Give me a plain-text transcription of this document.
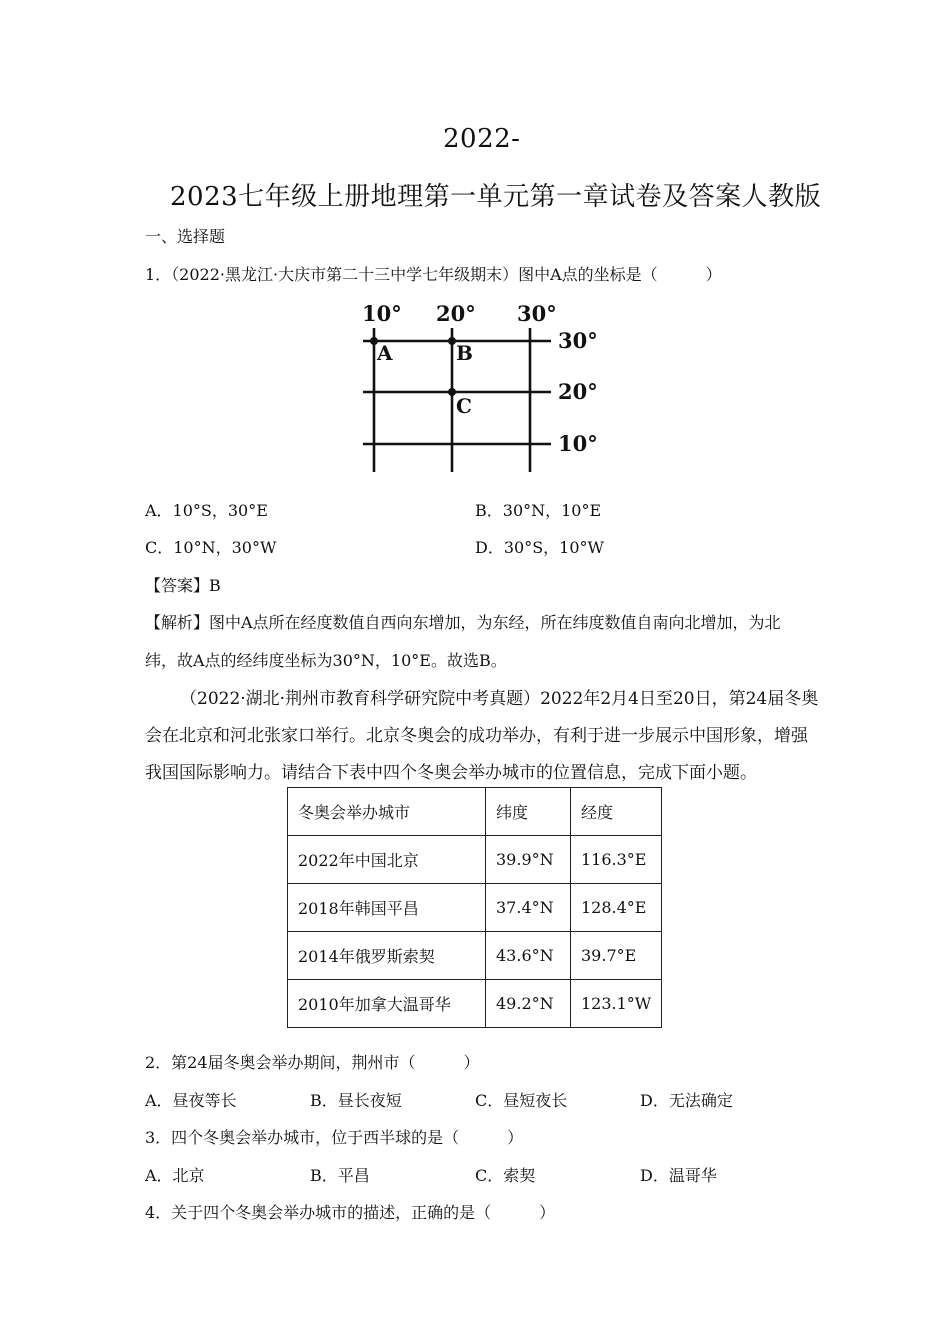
2022-
2023七年级上册地理第一单元第一章试卷及答案人教版
一、选择题
1．（2022·黑龙江·大庆市第二十三中学七年级期末）图中A点的坐标是（　　　）
10° 20° 30°
30°
20°
10°
A	B
C
A．10°S，30°E	B．30°N，10°E
C．10°N，30°W	D．30°S，10°W
【答案】B
【解析】图中A点所在经度数值自西向东增加，为东经，所在纬度数值自南向北增加，为北
纬，故A点的经纬度坐标为30°N，10°E。故选B。
（2022·湖北·荆州市教育科学研究院中考真题）2022年2月4日至20日，第24届冬奥
会在北京和河北张家口举行。北京冬奥会的成功举办，有利于进一步展示中国形象，增强
我国国际影响力。请结合下表中四个冬奥会举办城市的位置信息，完成下面小题。
冬奥会举办城市	纬度	经度
2022年中国北京	39.9°N	116.3°E
2018年韩国平昌	37.4°N	128.4°E
2014年俄罗斯索契	43.6°N	39.7°E
2010年加拿大温哥华	49.2°N	123.1°W
2．第24届冬奥会举办期间，荆州市（　　　）
A．昼夜等长	B．昼长夜短	C．昼短夜长	D．无法确定
3．四个冬奥会举办城市，位于西半球的是（　　　）
A．北京	B．平昌	C．索契	D．温哥华
4．关于四个冬奥会举办城市的描述，正确的是（　　　）
